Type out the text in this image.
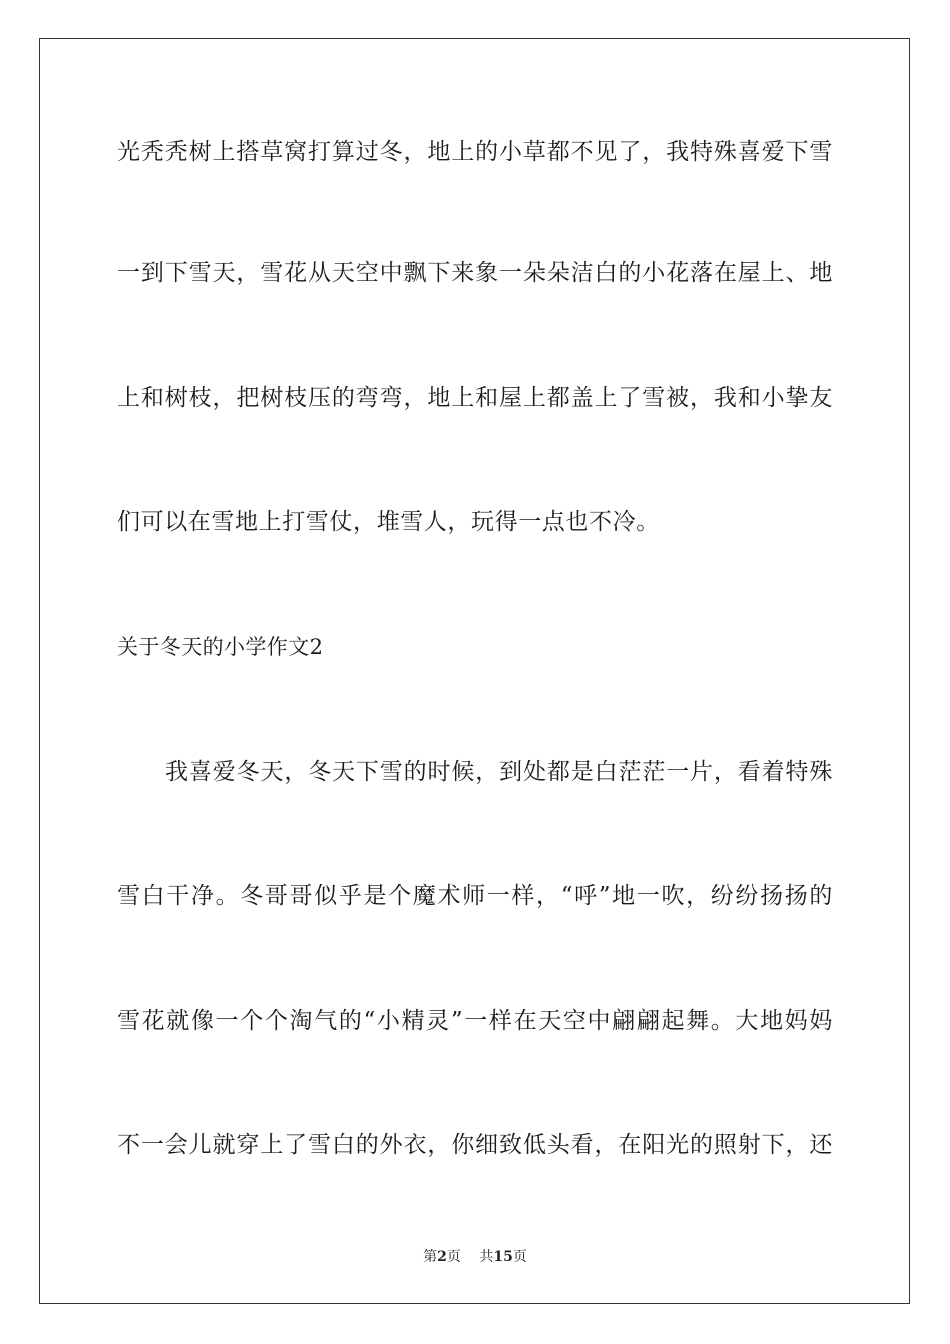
光秃秃树上搭草窝打算过冬，地上的小草都不见了，我特殊喜爱下雪
一到下雪天，雪花从天空中飘下来象一朵朵洁白的小花落在屋上、地
上和树枝，把树枝压的弯弯，地上和屋上都盖上了雪被，我和小挚友
们可以在雪地上打雪仗，堆雪人，玩得一点也不冷。
关于冬天的小学作文2
我喜爱冬天，冬天下雪的时候，到处都是白茫茫一片，看着特殊
雪白干净。冬哥哥似乎是个魔术师一样，“呼”地一吹，纷纷扬扬的
雪花就像一个个淘气的“小精灵”一样在天空中翩翩起舞。大地妈妈
不一会儿就穿上了雪白的外衣，你细致低头看，在阳光的照射下，还
第2页 共15页
